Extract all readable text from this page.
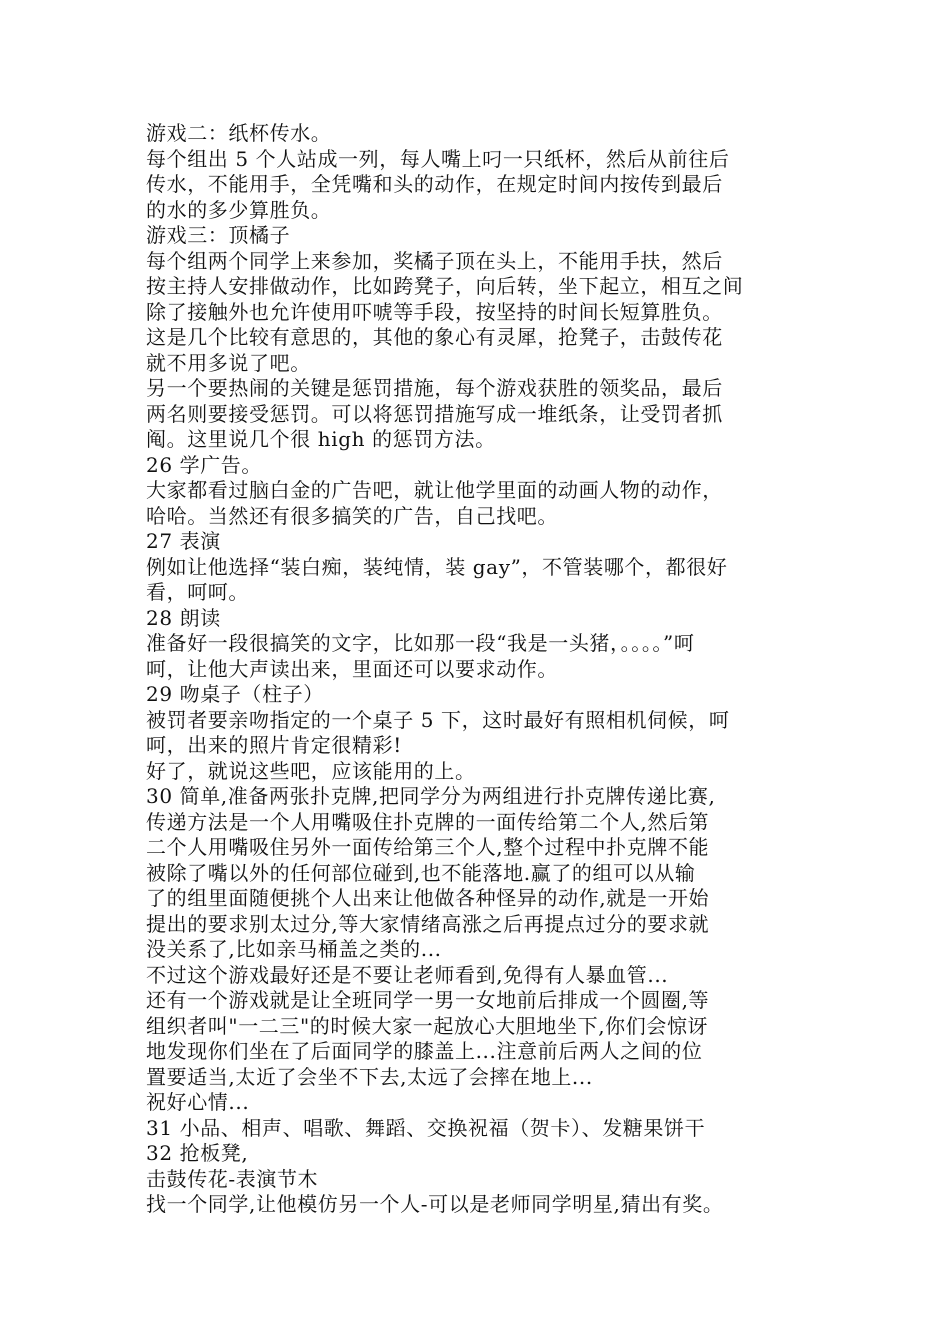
游戏二：纸杯传水。
每个组出 5 个人站成一列，每人嘴上叼一只纸杯，然后从前往后
传水，不能用手，全凭嘴和头的动作，在规定时间内按传到最后
的水的多少算胜负。
游戏三：顶橘子
每个组两个同学上来参加，奖橘子顶在头上，不能用手扶，然后
按主持人安排做动作，比如跨凳子，向后转，坐下起立，相互之间
除了接触外也允许使用吓唬等手段，按坚持的时间长短算胜负。
这是几个比较有意思的，其他的象心有灵犀，抢凳子，击鼓传花
就不用多说了吧。
另一个要热闹的关键是惩罚措施，每个游戏获胜的领奖品，最后
两名则要接受惩罚。可以将惩罚措施写成一堆纸条，让受罚者抓
阄。这里说几个很 high 的惩罚方法。
26 学广告。
大家都看过脑白金的广告吧，就让他学里面的动画人物的动作，
哈哈。当然还有很多搞笑的广告，自己找吧。
27 表演
例如让他选择“装白痴，装纯情，装 gay”，不管装哪个，都很好
看，呵呵。
28 朗读
准备好一段很搞笑的文字，比如那一段“我是一头猪，。。。。”呵
呵，让他大声读出来，里面还可以要求动作。
29 吻桌子（柱子）
被罚者要亲吻指定的一个桌子 5 下，这时最好有照相机伺候，呵
呵，出来的照片肯定很精彩!
好了，就说这些吧，应该能用的上。
30 简单,准备两张扑克牌,把同学分为两组进行扑克牌传递比赛,
传递方法是一个人用嘴吸住扑克牌的一面传给第二个人,然后第
二个人用嘴吸住另外一面传给第三个人,整个过程中扑克牌不能
被除了嘴以外的任何部位碰到,也不能落地.赢了的组可以从输
了的组里面随便挑个人出来让他做各种怪异的动作,就是一开始
提出的要求别太过分,等大家情绪高涨之后再提点过分的要求就
没关系了,比如亲马桶盖之类的...
不过这个游戏最好还是不要让老师看到,免得有人暴血管...
还有一个游戏就是让全班同学一男一女地前后排成一个圆圈,等
组织者叫"一二三"的时候大家一起放心大胆地坐下,你们会惊讶
地发现你们坐在了后面同学的膝盖上...注意前后两人之间的位
置要适当,太近了会坐不下去,太远了会摔在地上...
祝好心情...
31 小品、相声、唱歌、舞蹈、交换祝福（贺卡）、发糖果饼干
32 抢板凳,
击鼓传花-表演节木
找一个同学,让他模仿另一个人-可以是老师同学明星,猜出有奖。
